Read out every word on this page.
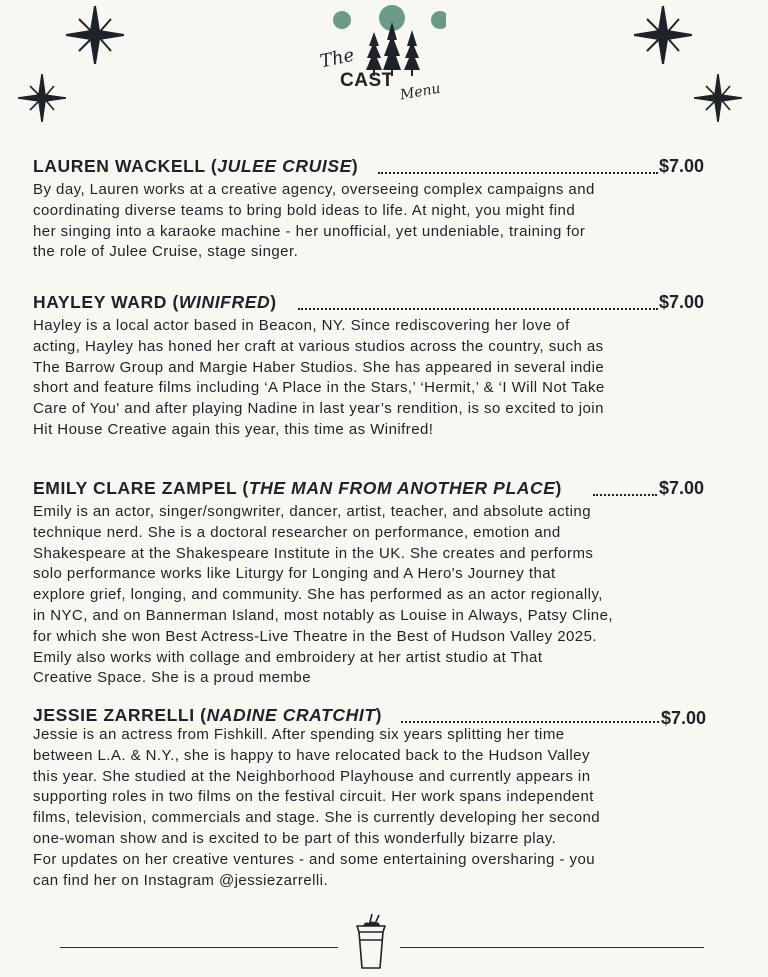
The
CAST
Menu
LAUREN WACKELL (JULEE CRUISE)	$7.00

By day, Lauren works at a creative agency, overseeing complex campaigns and
coordinating diverse teams to bring bold ideas to life. At night, you might find
her singing into a karaoke machine - her unofficial, yet undeniable, training for
the role of Julee Cruise, stage singer.

HAYLEY WARD (WINIFRED)	$7.00

Hayley is a local actor based in Beacon, NY. Since rediscovering her love of
acting, Hayley has honed her craft at various studios across the country, such as
The Barrow Group and Margie Haber Studios. She has appeared in several indie
short and feature films including ‘A Place in the Stars,’ ‘Hermit,’ & ‘I Will Not Take
Care of You' and after playing Nadine in last year’s rendition, is so excited to join
Hit House Creative again this year, this time as Winifred!

EMILY CLARE ZAMPEL (THE MAN FROM ANOTHER PLACE)	$7.00

Emily is an actor, singer/songwriter, dancer, artist, teacher, and absolute acting
technique nerd. She is a doctoral researcher on performance, emotion and
Shakespeare at the Shakespeare Institute in the UK. She creates and performs
solo performance works like Liturgy for Longing and A Hero's Journey that
explore grief, longing, and community. She has performed as an actor regionally,
in NYC, and on Bannerman Island, most notably as Louise in Always, Patsy Cline,
for which she won Best Actress-Live Theatre in the Best of Hudson Valley 2025.
Emily also works with collage and embroidery at her artist studio at That
Creative Space. She is a proud membe

JESSIE ZARRELLI (NADINE CRATCHIT)	$7.00

Jessie is an actress from Fishkill. After spending six years splitting her time
between L.A. & N.Y., she is happy to have relocated back to the Hudson Valley
this year. She studied at the Neighborhood Playhouse and currently appears in
supporting roles in two films on the festival circuit. Her work spans independent
films, television, commercials and stage. She is currently developing her second
one-woman show and is excited to be part of this wonderfully bizarre play.
For updates on her creative ventures - and some entertaining oversharing - you
can find her on Instagram @jessiezarrelli.
